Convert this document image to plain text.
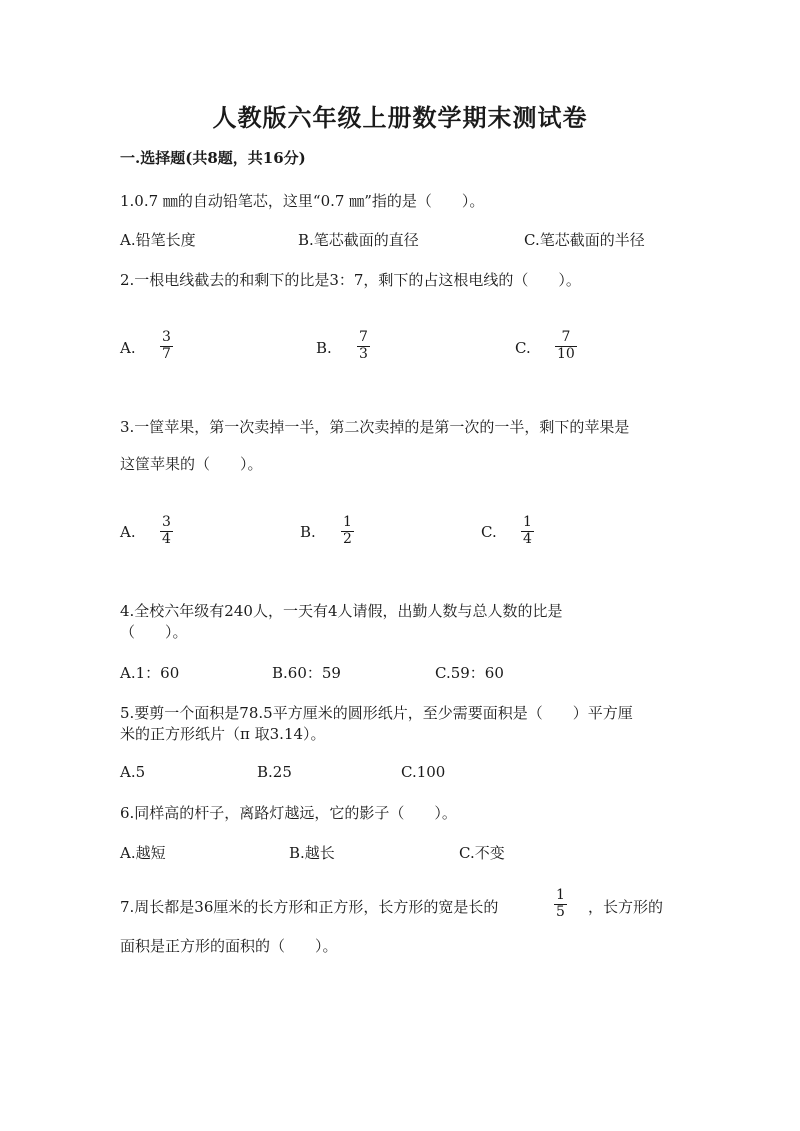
人教版六年级上册数学期末测试卷
一.选择题(共8题，共16分)
1.0.7 ㎜的自动铅笔芯，这里“0.7 ㎜”指的是（　　）。
A.铅笔长度	B.笔芯截面的直径	C.笔芯截面的半径
2.一根电线截去的和剩下的比是3：7，剩下的占这根电线的（　　）。
A.
3
7	B.
7
3	C.
7
10
3.一筐苹果，第一次卖掉一半，第二次卖掉的是第一次的一半，剩下的苹果是
这筐苹果的（　　）。
A.
3
4	B.
1
2	C.
1
4
4.全校六年级有240人，一天有4人请假，出勤人数与总人数的比是
（　　）。
A.1：60	B.60：59	C.59：60
5.要剪一个面积是78.5平方厘米的圆形纸片，至少需要面积是（　　）平方厘
米的正方形纸片（π 取3.14）。
A.5	B.25	C.100
6.同样高的杆子，离路灯越远，它的影子（　　）。
A.越短	B.越长	C.不变
7.周长都是36厘米的长方形和正方形，长方形的宽是长的
1
5 ，长方形的
面积是正方形的面积的（　　）。
